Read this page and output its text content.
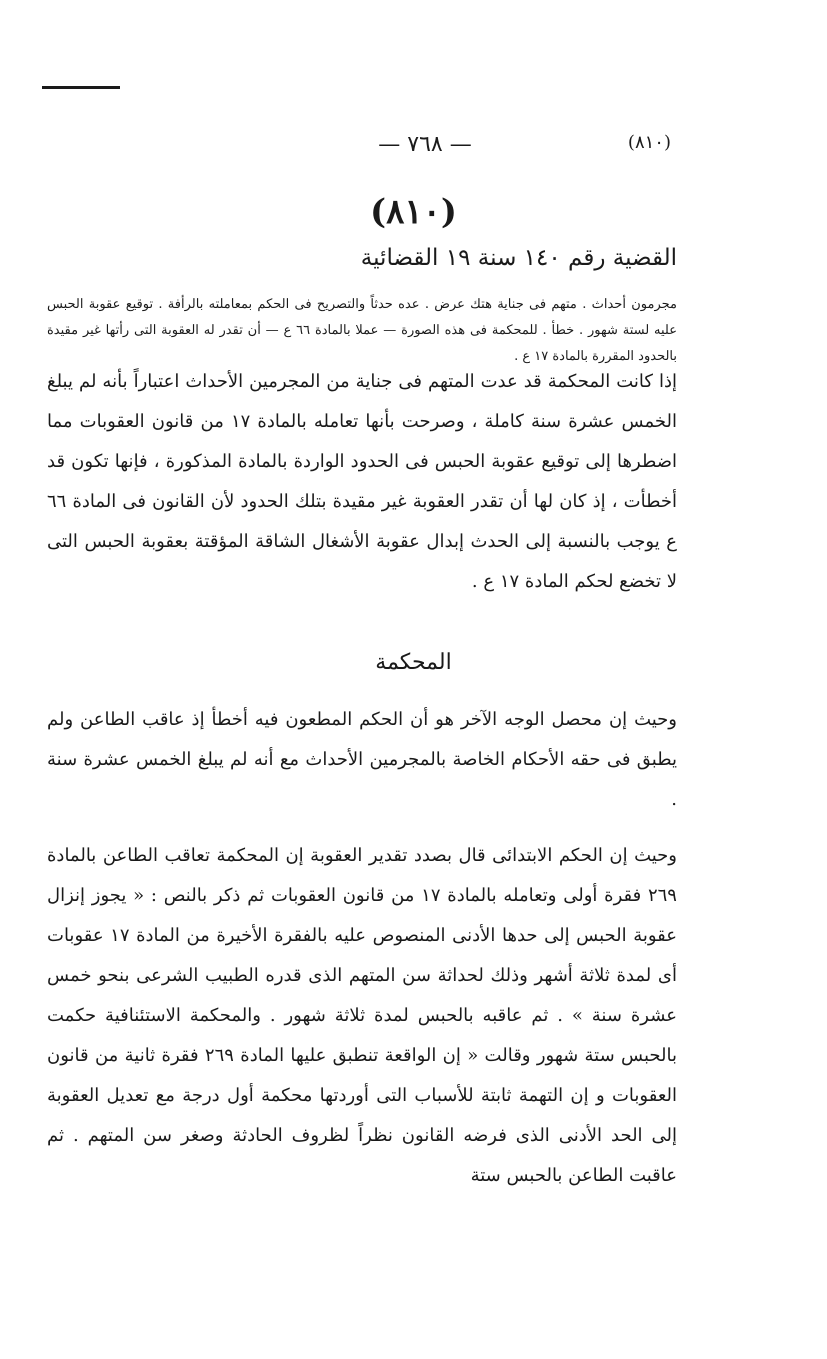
— ٧٦٨ —	(٨١٠)
(٨١٠)
القضية رقم ١٤٠ سنة ١٩ القضائية
مجرمون أحداث . متهم فى جناية هتك عرض . عده حدثاً والتصريح فى الحكم بمعاملته بالرأفة . توقيع عقوبة الحبس عليه لستة شهور . خطأ . للمحكمة فى هذه الصورة — عملا بالمادة ٦٦ ع — أن تقدر له العقوبة التى رأتها غير مقيدة بالحدود المقررة بالمادة ١٧ ع .

إذا كانت المحكمة قد عدت المتهم فى جناية من المجرمين الأحداث اعتباراً بأنه لم يبلغ الخمس عشرة سنة كاملة ، وصرحت بأنها تعامله بالمادة ١٧ من قانون العقوبات مما اضطرها إلى توقيع عقوبة الحبس فى الحدود الواردة بالمادة المذكورة ، فإنها تكون قد أخطأت ، إذ كان لها أن تقدر العقوبة غير مقيدة بتلك الحدود لأن القانون فى المادة ٦٦ ع يوجب بالنسبة إلى الحدث إبدال عقوبة الأشغال الشاقة المؤقتة بعقوبة الحبس التى لا تخضع لحكم المادة ١٧ ع .

المحكمة

وحيث إن محصل الوجه الآخر هو أن الحكم المطعون فيه أخطأ إذ عاقب الطاعن ولم يطبق فى حقه الأحكام الخاصة بالمجرمين الأحداث مع أنه لم يبلغ الخمس عشرة سنة .

وحيث إن الحكم الابتدائى قال بصدد تقدير العقوبة إن المحكمة تعاقب الطاعن بالمادة ٢٦٩ فقرة أولى وتعامله بالمادة ١٧ من قانون العقوبات ثم ذكر بالنص : « يجوز إنزال عقوبة الحبس إلى حدها الأدنى المنصوص عليه بالفقرة الأخيرة من المادة ١٧ عقوبات أى لمدة ثلاثة أشهر وذلك لحداثة سن المتهم الذى قدره الطبيب الشرعى بنحو خمس عشرة سنة » . ثم عاقبه بالحبس لمدة ثلاثة شهور . والمحكمة الاستئنافية حكمت بالحبس ستة شهور وقالت « إن الواقعة تنطبق عليها المادة ٢٦٩ فقرة ثانية من قانون العقوبات و إن التهمة ثابتة للأسباب التى أوردتها محكمة أول درجة مع تعديل العقوبة إلى الحد الأدنى الذى فرضه القانون نظراً لظروف الحادثة وصغر سن المتهم . ثم عاقبت الطاعن بالحبس ستة
